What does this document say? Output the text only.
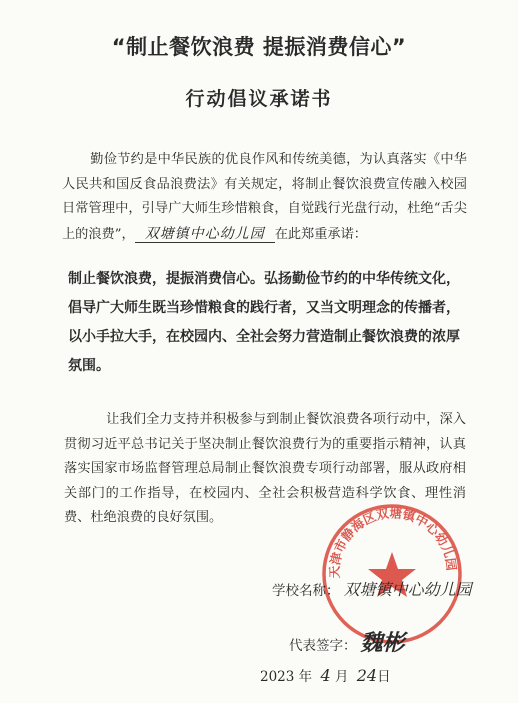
“制止餐饮浪费 提振消费信心”
行动倡议承诺书
勤俭节约是中华民族的优良作风和传统美德，为认真落实《中华人民共和国反食品浪费法》有关规定，将制止餐饮浪费宣传融入校园日常管理中，引导广大师生珍惜粮食，自觉践行光盘行动，杜绝“舌尖上的浪费”， 双塘镇中心幼儿园 在此郑重承诺：
制止餐饮浪费，提振消费信心。弘扬勤俭节约的中华传统文化，倡导广大师生既当珍惜粮食的践行者，又当文明理念的传播者，以小手拉大手，在校园内、全社会努力营造制止餐饮浪费的浓厚氛围。
让我们全力支持并积极参与到制止餐饮浪费各项行动中，深入贯彻习近平总书记关于坚决制止餐饮浪费行为的重要指示精神，认真落实国家市场监督管理总局制止餐饮浪费专项行动部署，服从政府相关部门的工作指导，在校园内、全社会积极营造科学饮食、理性消费、杜绝浪费的良好氛围。
天津市静海区双塘镇中心幼儿园
学校名称： 双塘镇中心幼儿园
代表签字： 魏彬
2023 年 4 月 24日
